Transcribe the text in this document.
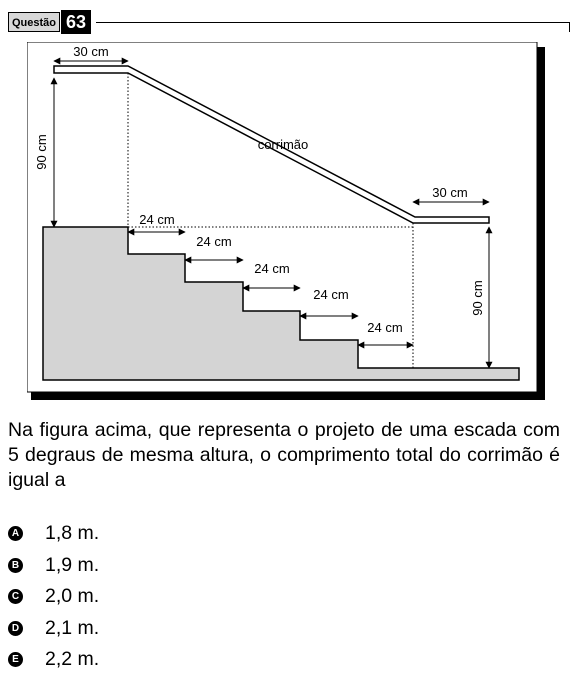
Questão 63
30 cm
90 cm	corrimão
30 cm
90 cm
24 cm
24 cm
24 cm
24 cm
24 cm
Na figura acima, que representa o projeto de uma escada com 5 degraus de mesma altura, o comprimento total do corrimão é igual a
A 1,8 m.
B 1,9 m.
C 2,0 m.
D 2,1 m.
E 2,2 m.
